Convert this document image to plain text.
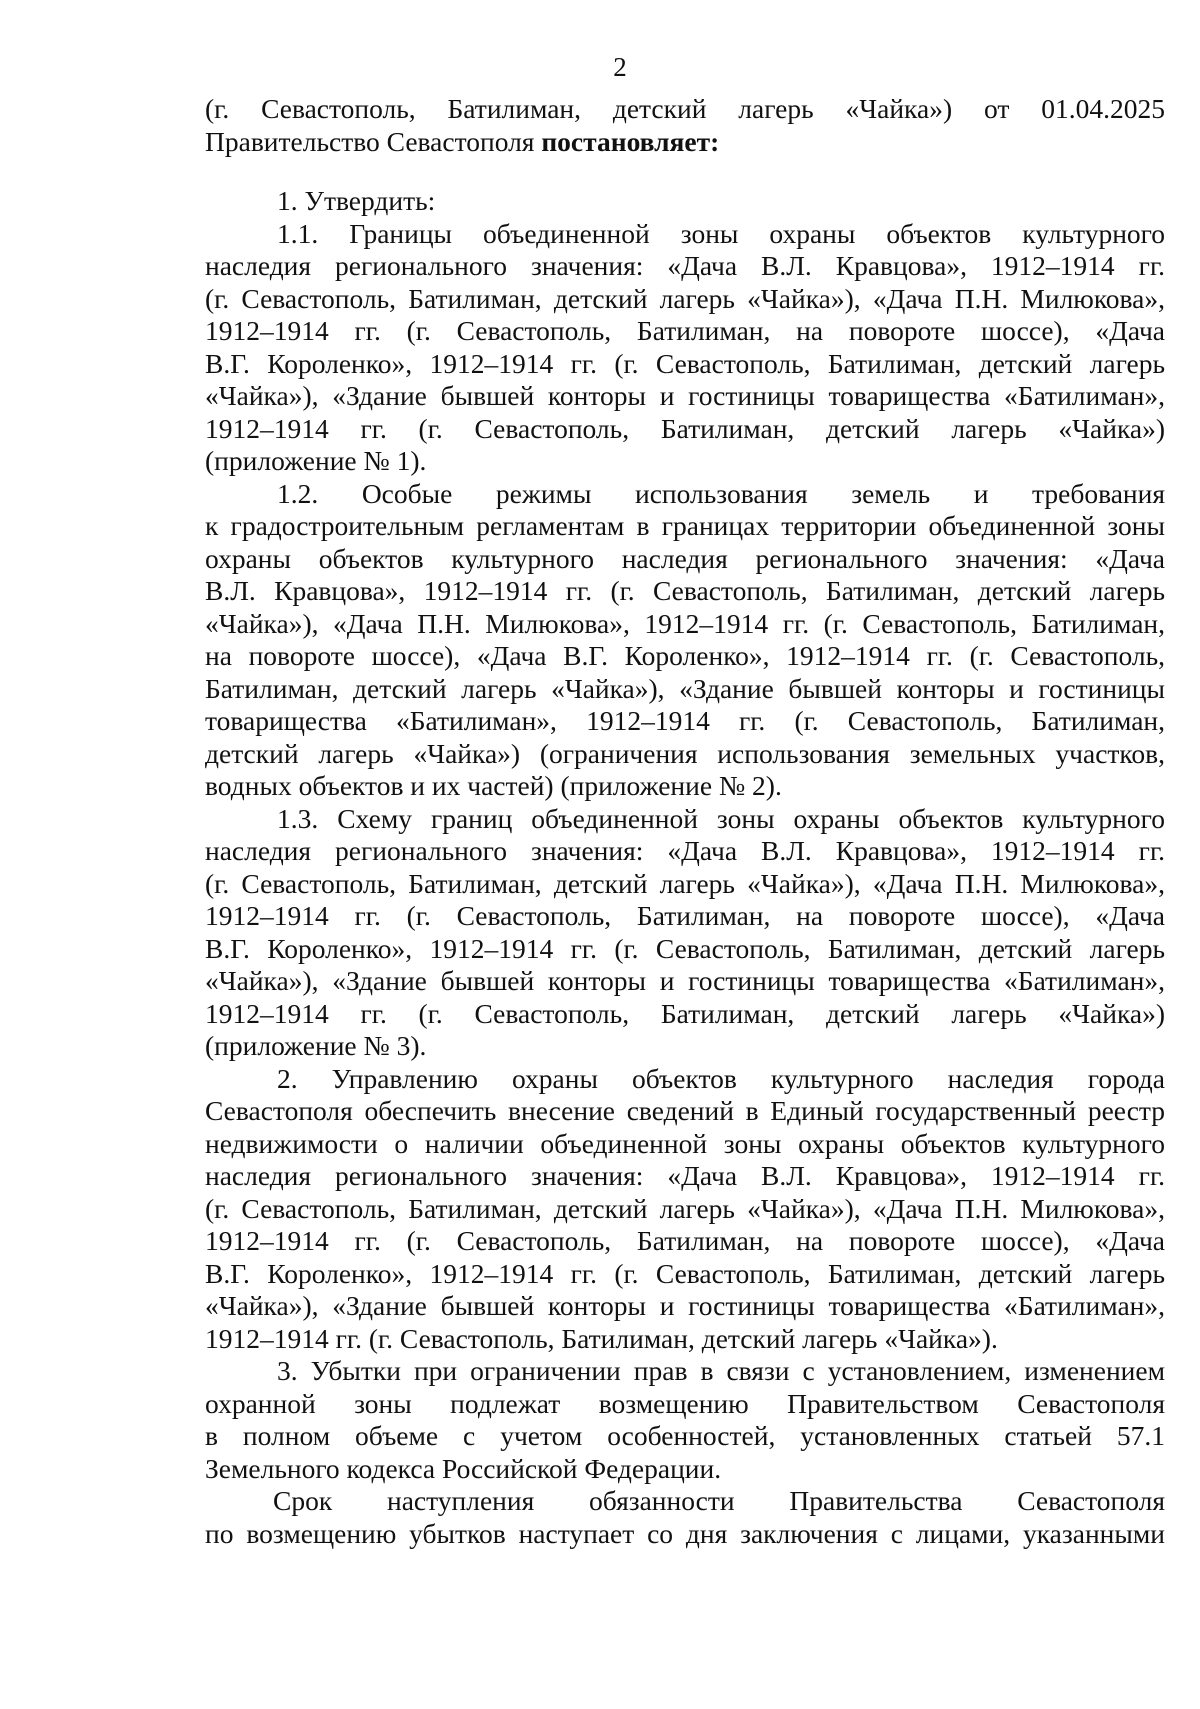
2
(г. Севастополь, Батилиман, детский лагерь «Чайка») от 01.04.2025
Правительство Севастополя постановляет:
1. Утвердить:
1.1. Границы объединенной зоны охраны объектов культурного
наследия регионального значения: «Дача В.Л. Кравцова», 1912–1914 гг.
(г. Севастополь, Батилиман, детский лагерь «Чайка»), «Дача П.Н. Милюкова»,
1912–1914 гг. (г. Севастополь, Батилиман, на повороте шоссе), «Дача
В.Г. Короленко», 1912–1914 гг. (г. Севастополь, Батилиман, детский лагерь
«Чайка»), «Здание бывшей конторы и гостиницы товарищества «Батилиман»,
1912–1914 гг. (г. Севастополь, Батилиман, детский лагерь «Чайка»)
(приложение № 1).
1.2. Особые режимы использования земель и требования
к градостроительным регламентам в границах территории объединенной зоны
охраны объектов культурного наследия регионального значения: «Дача
В.Л. Кравцова», 1912–1914 гг. (г. Севастополь, Батилиман, детский лагерь
«Чайка»), «Дача П.Н. Милюкова», 1912–1914 гг. (г. Севастополь, Батилиман,
на повороте шоссе), «Дача В.Г. Короленко», 1912–1914 гг. (г. Севастополь,
Батилиман, детский лагерь «Чайка»), «Здание бывшей конторы и гостиницы
товарищества «Батилиман», 1912–1914 гг. (г. Севастополь, Батилиман,
детский лагерь «Чайка») (ограничения использования земельных участков,
водных объектов и их частей) (приложение № 2).
1.3. Схему границ объединенной зоны охраны объектов культурного
наследия регионального значения: «Дача В.Л. Кравцова», 1912–1914 гг.
(г. Севастополь, Батилиман, детский лагерь «Чайка»), «Дача П.Н. Милюкова»,
1912–1914 гг. (г. Севастополь, Батилиман, на повороте шоссе), «Дача
В.Г. Короленко», 1912–1914 гг. (г. Севастополь, Батилиман, детский лагерь
«Чайка»), «Здание бывшей конторы и гостиницы товарищества «Батилиман»,
1912–1914 гг. (г. Севастополь, Батилиман, детский лагерь «Чайка»)
(приложение № 3).
2. Управлению охраны объектов культурного наследия города
Севастополя обеспечить внесение сведений в Единый государственный реестр
недвижимости о наличии объединенной зоны охраны объектов культурного
наследия регионального значения: «Дача В.Л. Кравцова», 1912–1914 гг.
(г. Севастополь, Батилиман, детский лагерь «Чайка»), «Дача П.Н. Милюкова»,
1912–1914 гг. (г. Севастополь, Батилиман, на повороте шоссе), «Дача
В.Г. Короленко», 1912–1914 гг. (г. Севастополь, Батилиман, детский лагерь
«Чайка»), «Здание бывшей конторы и гостиницы товарищества «Батилиман»,
1912–1914 гг. (г. Севастополь, Батилиман, детский лагерь «Чайка»).
3. Убытки при ограничении прав в связи с установлением, изменением
охранной зоны подлежат возмещению Правительством Севастополя
в полном объеме с учетом особенностей, установленных статьей 57.1
Земельного кодекса Российской Федерации.
Срок наступления обязанности Правительства Севастополя
по возмещению убытков наступает со дня заключения с лицами, указанными
